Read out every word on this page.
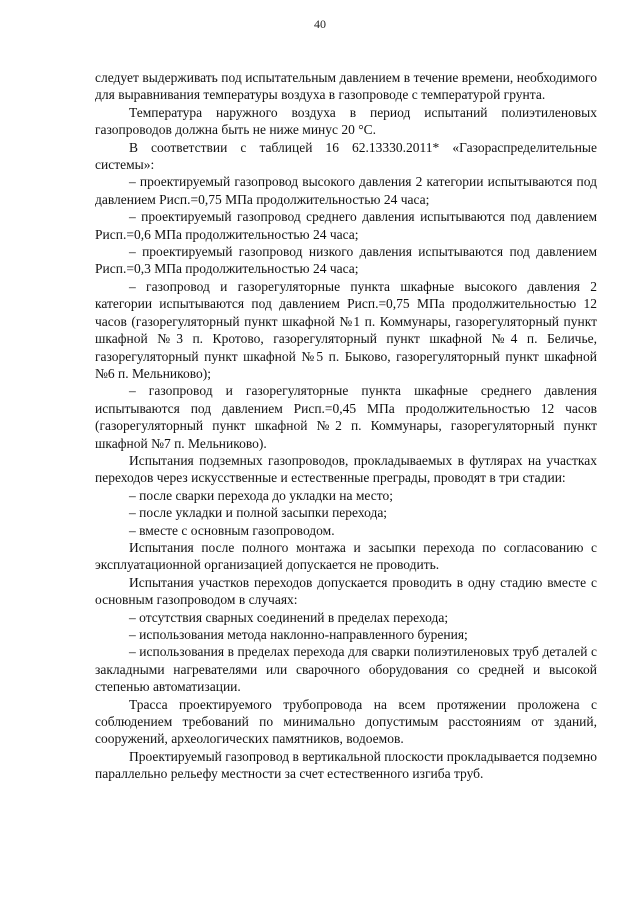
40

следует выдерживать под испытательным давлением в течение времени, необходимого для выравнивания температуры воздуха в газопроводе с температурой грунта.

Температура наружного воздуха в период испытаний полиэтиленовых газопроводов должна быть не ниже минус 20 °С.

В соответствии с таблицей 16 62.13330.2011* «Газораспределительные системы»:

– проектируемый газопровод высокого давления 2 категории испытываются под давлением Рисп.=0,75 МПа продолжительностью 24 часа;

– проектируемый газопровод среднего давления испытываются под давлением Рисп.=0,6 МПа продолжительностью 24 часа;

– проектируемый газопровод низкого давления испытываются под давлением Рисп.=0,3 МПа продолжительностью 24 часа;

– газопровод и газорегуляторные пункта шкафные высокого давления 2 категории испытываются под давлением Рисп.=0,75 МПа продолжительностью 12 часов (газорегуляторный пункт шкафной №1 п. Коммунары, газорегуляторный пункт шкафной №3 п. Кротово, газорегуляторный пункт шкафной №4 п. Беличье, газорегуляторный пункт шкафной №5 п. Быково, газорегуляторный пункт шкафной №6 п. Мельниково);

– газопровод и газорегуляторные пункта шкафные среднего давления испытываются под давлением Рисп.=0,45 МПа продолжительностью 12 часов (газорегуляторный пункт шкафной №2 п. Коммунары, газорегуляторный пункт шкафной №7 п. Мельниково).

Испытания подземных газопроводов, прокладываемых в футлярах на участках переходов через искусственные и естественные преграды, проводят в три стадии:

– после сварки перехода до укладки на место;

– после укладки и полной засыпки перехода;

– вместе с основным газопроводом.

Испытания после полного монтажа и засыпки перехода по согласованию с эксплуатационной организацией допускается не проводить.

Испытания участков переходов допускается проводить в одну стадию вместе с основным газопроводом в случаях:

– отсутствия сварных соединений в пределах перехода;

– использования метода наклонно-направленного бурения;

– использования в пределах перехода для сварки полиэтиленовых труб деталей с закладными нагревателями или сварочного оборудования со средней и высокой степенью автоматизации.

Трасса проектируемого трубопровода на всем протяжении проложена с соблюдением требований по минимально допустимым расстояниям от зданий, сооружений, археологических памятников, водоемов.

Проектируемый газопровод в вертикальной плоскости прокладывается подземно параллельно рельефу местности за счет естественного изгиба труб.
